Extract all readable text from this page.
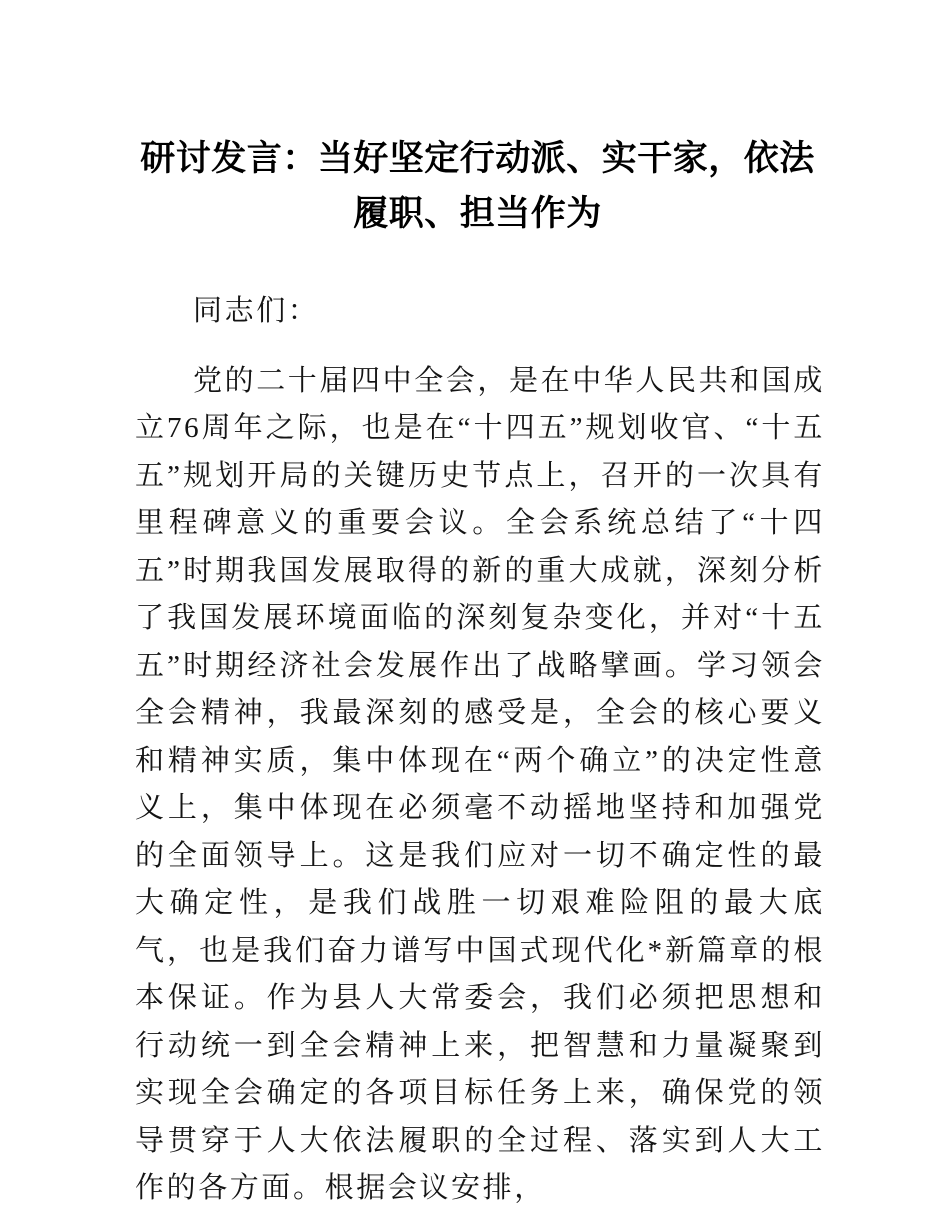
研讨发言：当好坚定行动派、实干家，依法履职、担当作为

同志们：

党的二十届四中全会，是在中华人民共和国成立76周年之际，也是在“十四五”规划收官、“十五五”规划开局的关键历史节点上，召开的一次具有里程碑意义的重要会议。全会系统总结了“十四五”时期我国发展取得的新的重大成就，深刻分析了我国发展环境面临的深刻复杂变化，并对“十五五”时期经济社会发展作出了战略擘画。学习领会全会精神，我最深刻的感受是，全会的核心要义和精神实质，集中体现在“两个确立”的决定性意义上，集中体现在必须毫不动摇地坚持和加强党的全面领导上。这是我们应对一切不确定性的最大确定性，是我们战胜一切艰难险阻的最大底气，也是我们奋力谱写中国式现代化*新篇章的根本保证。作为县人大常委会，我们必须把思想和行动统一到全会精神上来，把智慧和力量凝聚到实现全会确定的各项目标任务上来，确保党的领导贯穿于人大依法履职的全过程、落实到人大工作的各方面。根据会议安排，
